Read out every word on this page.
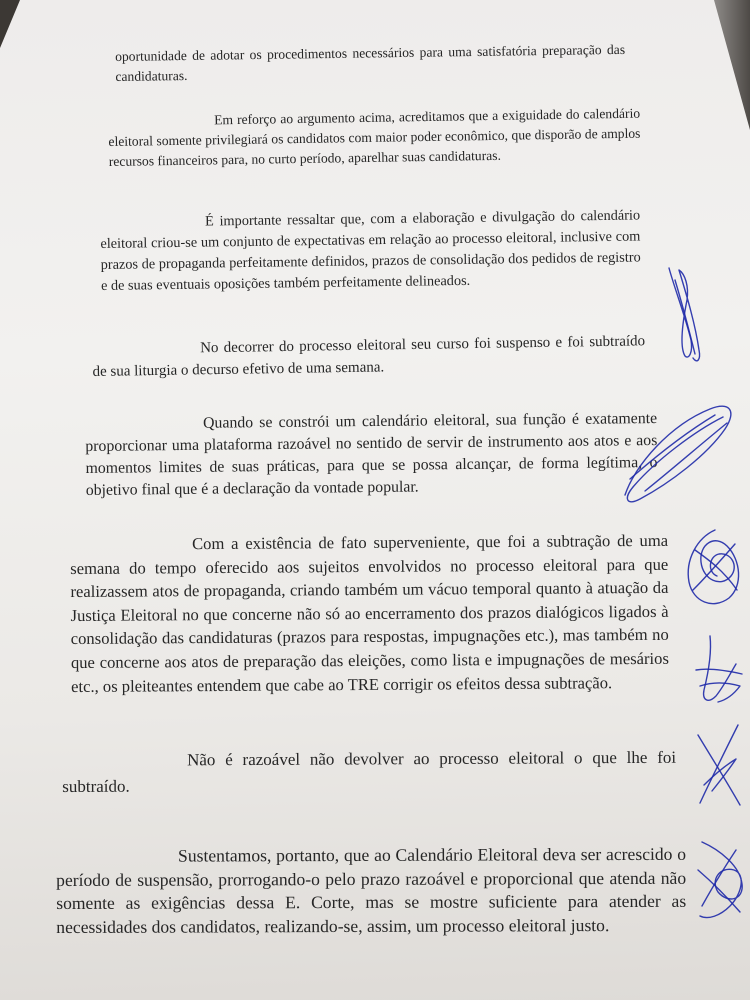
oportunidade de adotar os procedimentos necessários para uma satisfatória preparação das candidaturas.

Em reforço ao argumento acima, acreditamos que a exiguidade do calendário eleitoral somente privilegiará os candidatos com maior poder econômico, que disporão de amplos recursos financeiros para, no curto período, aparelhar suas candidaturas.

É importante ressaltar que, com a elaboração e divulgação do calendário eleitoral criou-se um conjunto de expectativas em relação ao processo eleitoral, inclusive com prazos de propaganda perfeitamente definidos, prazos de consolidação dos pedidos de registro e de suas eventuais oposições também perfeitamente delineados.

No decorrer do processo eleitoral seu curso foi suspenso e foi subtraído de sua liturgia o decurso efetivo de uma semana.

Quando se constrói um calendário eleitoral, sua função é exatamente proporcionar uma plataforma razoável no sentido de servir de instrumento aos atos e aos momentos limites de suas práticas, para que se possa alcançar, de forma legítima, o objetivo final que é a declaração da vontade popular.

Com a existência de fato superveniente, que foi a subtração de uma semana do tempo oferecido aos sujeitos envolvidos no processo eleitoral para que realizassem atos de propaganda, criando também um vácuo temporal quanto à atuação da Justiça Eleitoral no que concerne não só ao encerramento dos prazos dialógicos ligados à consolidação das candidaturas (prazos para respostas, impugnações etc.), mas também no que concerne aos atos de preparação das eleições, como lista e impugnações de mesários etc., os pleiteantes entendem que cabe ao TRE corrigir os efeitos dessa subtração.

Não é razoável não devolver ao processo eleitoral o que lhe foi subtraído.

Sustentamos, portanto, que ao Calendário Eleitoral deva ser acrescido o período de suspensão, prorrogando-o pelo prazo razoável e proporcional que atenda não somente as exigências dessa E. Corte, mas se mostre suficiente para atender as necessidades dos candidatos, realizando-se, assim, um processo eleitoral justo.
